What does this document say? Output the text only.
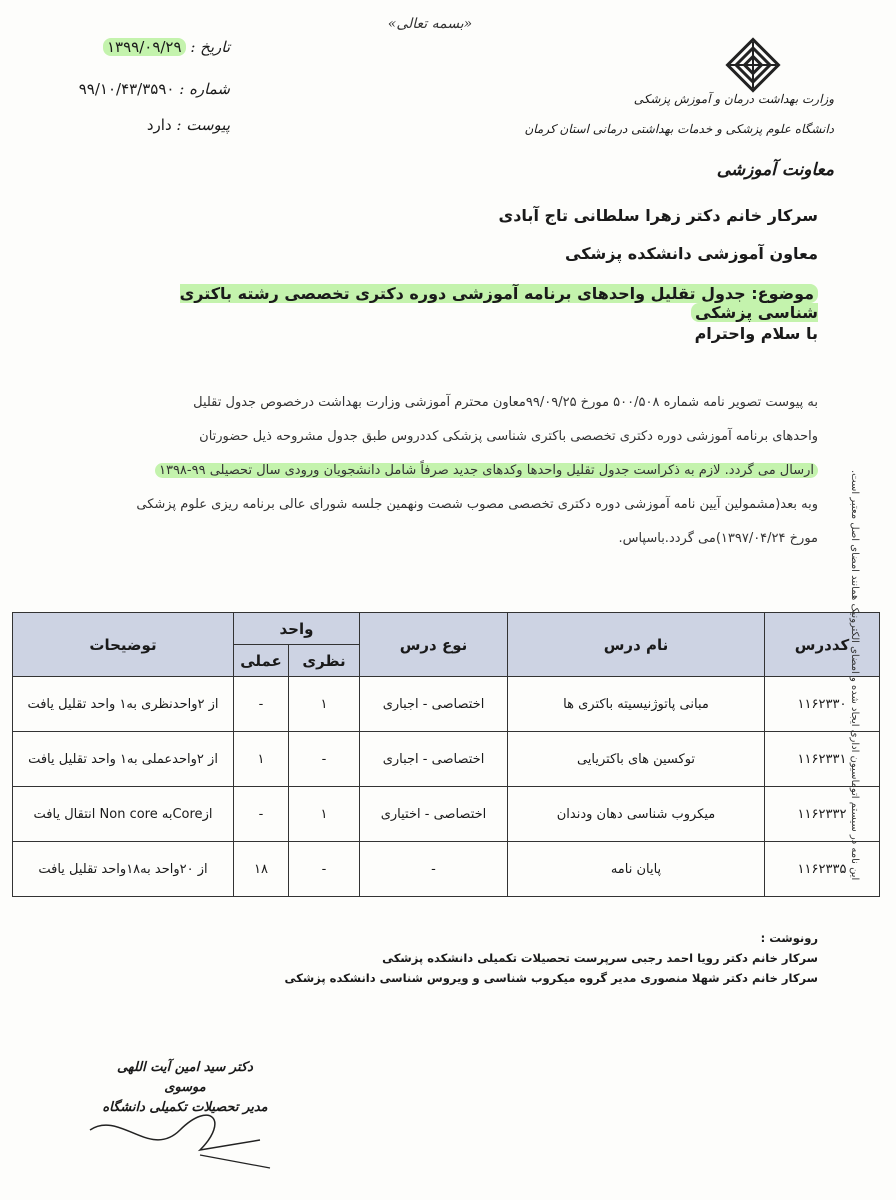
«بسمه تعالی»
تاریخ : ۱۳۹۹/۰۹/۲۹
شماره : ۹۹/۱۰/۴۳/۳۵۹۰
پیوست : دارد
وزارت بهداشت درمان و آموزش پزشکی
دانشگاه علوم پزشکی و خدمات بهداشتی درمانی استان کرمان
معاونت آموزشی
سرکار خانم دکتر زهرا سلطانی تاج آبادی
معاون آموزشی دانشکده پزشکی
موضوع: جدول تقلیل واحدهای برنامه آموزشی دوره دکتری تخصصی رشته باکتری شناسی پزشکی
با سلام واحترام
به پیوست تصویر نامه شماره ۵۰۰/۵۰۸ مورخ ۹۹/۰۹/۲۵معاون محترم آموزشی وزارت بهداشت درخصوص جدول تقلیل
واحدهای برنامه آموزشی دوره دکتری تخصصی باکتری شناسی پزشکی کددروس طبق جدول مشروحه ذیل حضورتان
ارسال می گردد. لازم به ذکراست جدول تقلیل واحدها وکدهای جدید صرفاً شامل دانشجویان ورودی سال تحصیلی ۹۹-۱۳۹۸
وبه بعد(مشمولین آیین نامه آموزشی دوره دکتری تخصصی مصوب شصت ونهمین جلسه شورای عالی برنامه ریزی علوم پزشکی
مورخ ۱۳۹۷/۰۴/۲۴)می گردد.باسپاس.
کددرس	نام درس	نوع درس	واحد		توضیحات
			نظری	عملی	
۱۱۶۲۳۳۰	مبانی پاتوژنیسیته باکتری ها	اختصاصی - اجباری	۱	-	از ۲واحدنظری به۱ واحد تقلیل یافت
۱۱۶۲۳۳۱	توکسین های باکتریایی	اختصاصی - اجباری	-	۱	از ۲واحدعملی به۱ واحد تقلیل یافت
۱۱۶۲۳۳۲	میکروب شناسی دهان ودندان	اختصاصی - اختیاری	۱	-	ازCoreبه Non core انتقال یافت
۱۱۶۲۳۳۵	پایان نامه	-	-	۱۸	از ۲۰واحد به۱۸واحد تقلیل یافت
رونوشت :
سرکار خانم دکتر رویا احمد رجبی سرپرست تحصیلات تکمیلی دانشکده پزشکی
سرکار خانم دکتر شهلا منصوری مدیر گروه میکروب شناسی و ویروس شناسی دانشکده پزشکی
دکتر سید امین آیت اللهی موسوی
مدیر تحصیلات تکمیلی دانشگاه
این نامه در سیستم اتوماسیون اداری ایجاد شده و امضای الکترونیک همانند امضای اصل معتبر است.
